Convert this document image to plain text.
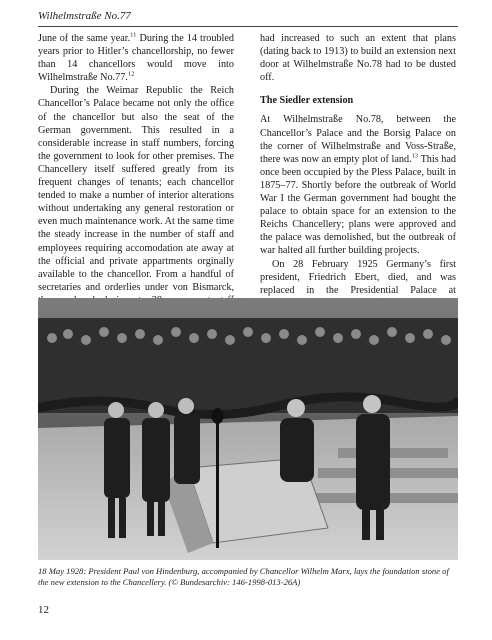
Wilhelmstraße No.77

June of the same year.$^{11}$ During the 14 troubled years prior to Hitler’s chancellorship, no fewer than 14 chancellors would move into Wilhelmstraße No.77.12

During the Weimar Republic the Reich Chancellor’s Palace became not only the office of the chancellor but also the seat of the German government. This resulted in a considerable increase in staff numbers, forcing the government to look for other premises. The Chancellery itself suffered greatly from its frequent changes of tenants; each chancellor tended to make a number of interior alterations without undertaking any general restoration or even much maintenance work. At the same time the steady increase in the number of staff and employees requiring accomodation ate away at the official and private appartments orginally available to the chancellor. From a handful of secretaries and orderlies under von Bismarck,

had increased to such an extent that plans (dating back to 1913) to build an extension next door at Wilhelmstraße No.78 had to be dusted off.

The Siedler extension

At Wilhelmstraße No.78, between the Chancellor’s Palace and the Borsig Palace on the corner of Wilhelmstraße and Voss-Straße, there was now an empty plot of land.$^{13}$ This had once been occupied by the Pless Palace, built in 1875–77. Shortly before the outbreak of World War I the German government had bought the palace to obtain space for an extension to the Reichs Chancellery; plans were approved and the palace was demolished, but the outbreak of war halted all further building projects.

On 28 February 1925 Germany’s first president, Friedrich Ebert, died, and was replaced in the Presidential Palace at

18 May 1928: President Paul von Hindenburg, accompanied by Chancellor Wilhelm Marx, lays the foundation stone of the new extension to the Chancellery. (© Bundesarchiv: 146-1998-013-26A)
12
